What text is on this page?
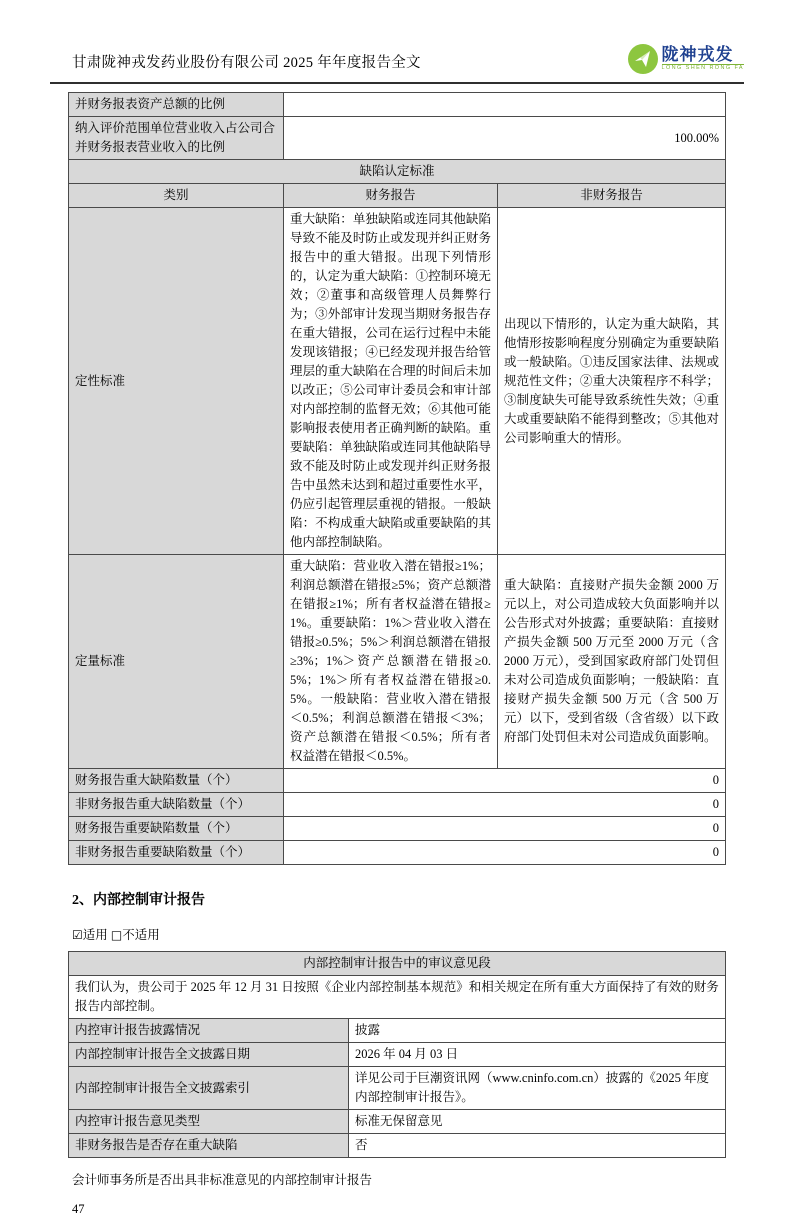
甘肃陇神戎发药业股份有限公司 2025 年年度报告全文	陇神戎发
LONG SHEN RONG FA
并财务报表资产总额的比例		
纳入评价范围单位营业收入占公司合并财务报表营业收入的比例	100.00%	
缺陷认定标准		
类别	财务报告	非财务报告
定性标准	重大缺陷：单独缺陷或连同其他缺陷导致不能及时防止或发现并纠正财务报告中的重大错报。出现下列情形的，认定为重大缺陷：①控制环境无效；②董事和高级管理人员舞弊行为；③外部审计发现当期财务报告存在重大错报，公司在运行过程中未能发现该错报；④已经发现并报告给管理层的重大缺陷在合理的时间后未加以改正；⑤公司审计委员会和审计部对内部控制的监督无效；⑥其他可能影响报表使用者正确判断的缺陷。重要缺陷：单独缺陷或连同其他缺陷导致不能及时防止或发现并纠正财务报告中虽然未达到和超过重要性水平，仍应引起管理层重视的错报。一般缺陷：不构成重大缺陷或重要缺陷的其他内部控制缺陷。	出现以下情形的，认定为重大缺陷，其他情形按影响程度分别确定为重要缺陷或一般缺陷。①违反国家法律、法规或规范性文件；②重大决策程序不科学；③制度缺失可能导致系统性失效；④重大或重要缺陷不能得到整改；⑤其他对公司影响重大的情形。
定量标准	重大缺陷：营业收入潜在错报≥1%；利润总额潜在错报≥5%；资产总额潜在错报≥1%；所有者权益潜在错报≥1%。重要缺陷：1%＞营业收入潜在错报≥0.5%；5%＞利润总额潜在错报≥3%；1%＞资产总额潜在错报≥0.5%；1%＞所有者权益潜在错报≥0.5%。一般缺陷：营业收入潜在错报＜0.5%；利润总额潜在错报＜3%；资产总额潜在错报＜0.5%；所有者权益潜在错报＜0.5%。	重大缺陷：直接财产损失金额 2000 万元以上，对公司造成较大负面影响并以公告形式对外披露；重要缺陷：直接财产损失金额 500 万元至 2000 万元（含 2000 万元），受到国家政府部门处罚但未对公司造成负面影响；一般缺陷：直接财产损失金额 500 万元（含 500 万元）以下，受到省级（含省级）以下政府部门处罚但未对公司造成负面影响。
财务报告重大缺陷数量（个）	0	
非财务报告重大缺陷数量（个）	0	
财务报告重要缺陷数量（个）	0	
非财务报告重要缺陷数量（个）	0	
2、内部控制审计报告
☑适用 □不适用
内部控制审计报告中的审议意见段	
我们认为，贵公司于 2025 年 12 月 31 日按照《企业内部控制基本规范》和相关规定在所有重大方面保持了有效的财务报告内部控制。	
内控审计报告披露情况	披露
内部控制审计报告全文披露日期	2026 年 04 月 03 日
内部控制审计报告全文披露索引	详见公司于巨潮资讯网（www.cninfo.com.cn）披露的《2025 年度内部控制审计报告》。
内控审计报告意见类型	标准无保留意见
非财务报告是否存在重大缺陷	否
会计师事务所是否出具非标准意见的内部控制审计报告
47
